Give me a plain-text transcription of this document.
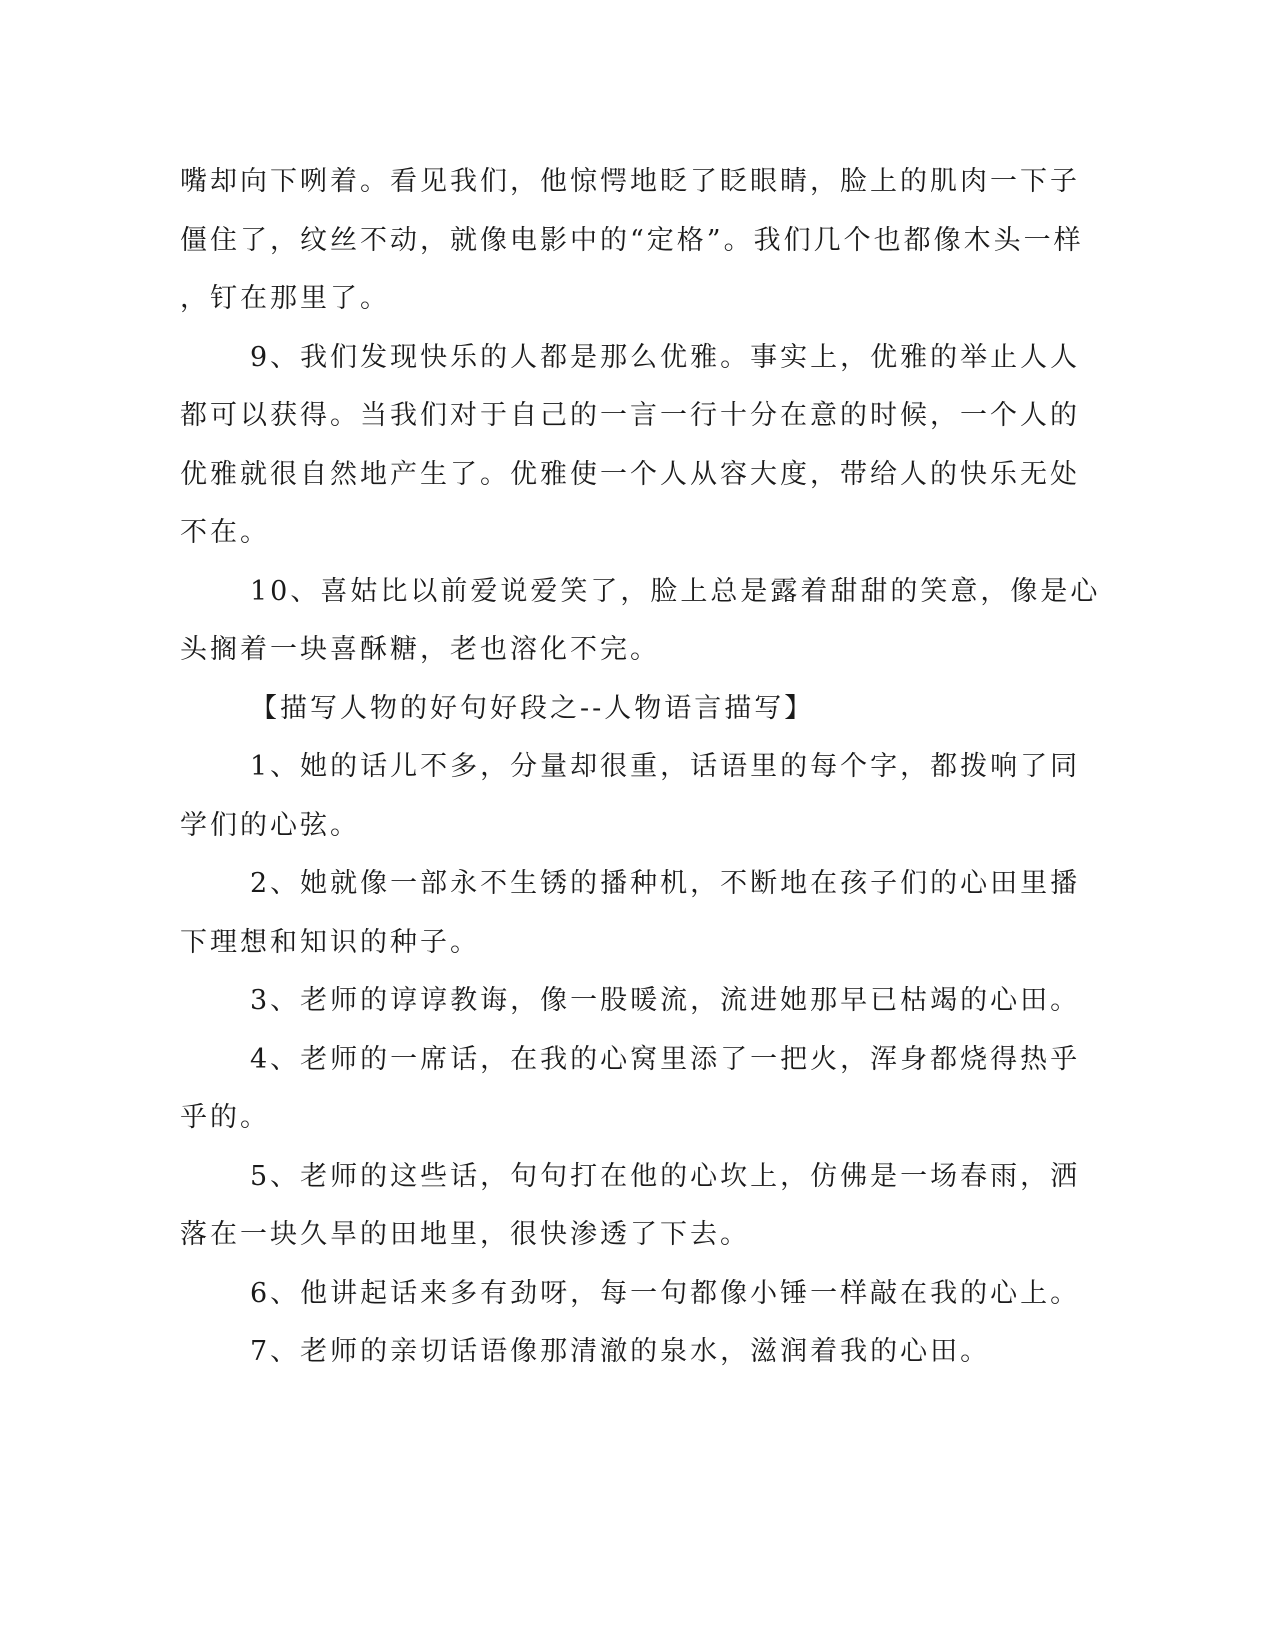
嘴却向下咧着。看见我们，他惊愕地眨了眨眼睛，脸上的肌肉一下子
僵住了，纹丝不动，就像电影中的“定格”。我们几个也都像木头一样
，钉在那里了。

9、我们发现快乐的人都是那么优雅。事实上，优雅的举止人人
都可以获得。当我们对于自己的一言一行十分在意的时候，一个人的
优雅就很自然地产生了。优雅使一个人从容大度，带给人的快乐无处
不在。

10、喜姑比以前爱说爱笑了，脸上总是露着甜甜的笑意，像是心
头搁着一块喜酥糖，老也溶化不完。

【描写人物的好句好段之--人物语言描写】

1、她的话儿不多，分量却很重，话语里的每个字，都拨响了同
学们的心弦。

2、她就像一部永不生锈的播种机，不断地在孩子们的心田里播
下理想和知识的种子。

3、老师的谆谆教诲，像一股暖流，流进她那早已枯竭的心田。

4、老师的一席话，在我的心窝里添了一把火，浑身都烧得热乎
乎的。

5、老师的这些话，句句打在他的心坎上，仿佛是一场春雨，洒
落在一块久旱的田地里，很快渗透了下去。

6、他讲起话来多有劲呀，每一句都像小锤一样敲在我的心上。

7、老师的亲切话语像那清澈的泉水，滋润着我的心田。
